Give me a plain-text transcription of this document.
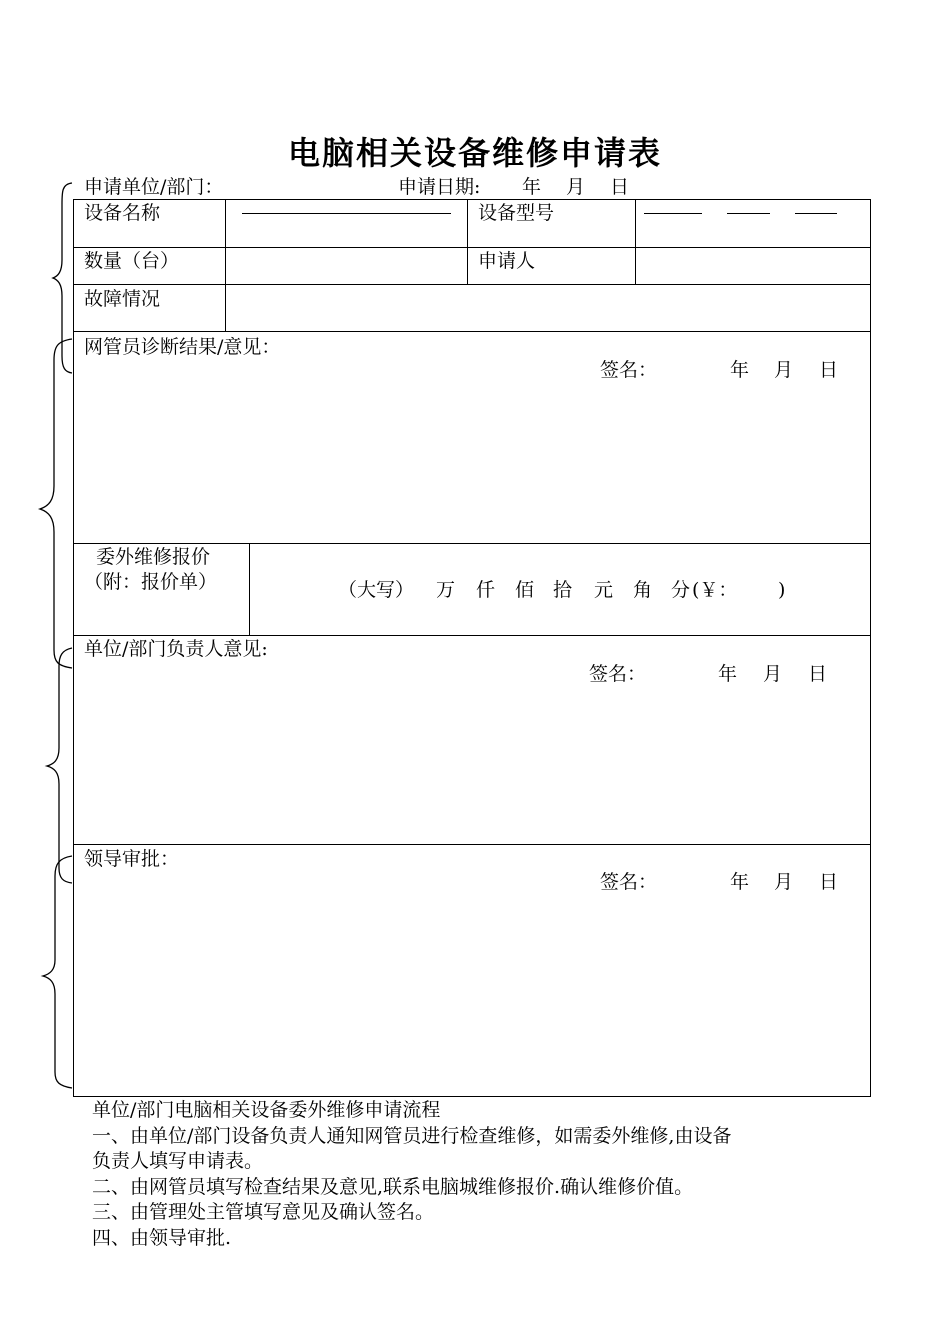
电脑相关设备维修申请表
申请单位/部门：	申请日期: 年 月 日
设备名称	设备型号
数量（台）	申请人
故障情况
网管员诊断结果/意见：
签名：	年 月 日
委外维修报价
（附：报价单）	（大写） 万 仟 佰 拾 元 角 分 (￥： )
单位/部门负责人意见:
签名：	年 月 日
领导审批：
签名：	年 月 日
单位/部门电脑相关设备委外维修申请流程
一、由单位/部门设备负责人通知网管员进行检查维修，如需委外维修,由设备
负责人填写申请表。
二、由网管员填写检查结果及意见,联系电脑城维修报价.确认维修价值。
三、由管理处主管填写意见及确认签名。
四、由领导审批.
